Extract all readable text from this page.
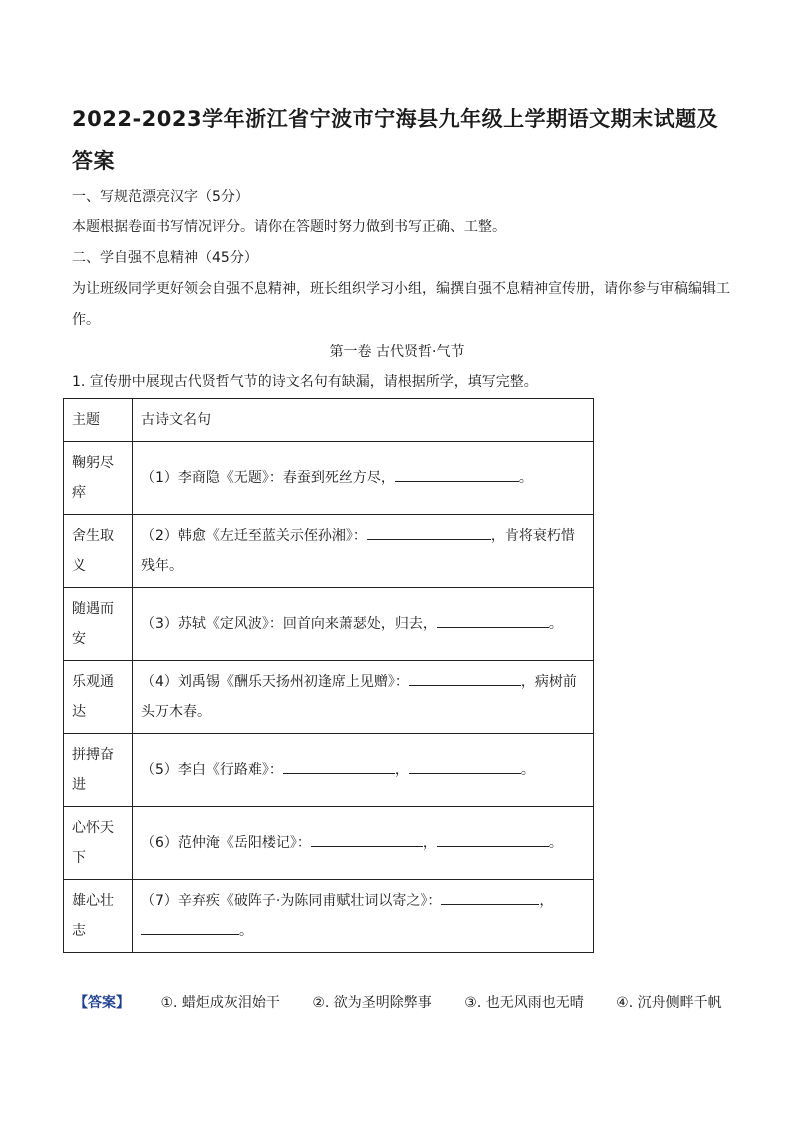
2022-2023学年浙江省宁波市宁海县九年级上学期语文期末试题及答案

一、写规范漂亮汉字（5分）

本题根据卷面书写情况评分。请你在答题时努力做到书写正确、工整。

二、学自强不息精神（45分）

为让班级同学更好领会自强不息精神，班长组织学习小组，编撰自强不息精神宣传册，请你参与审稿编辑工作。

第一卷 古代贤哲·气节

1. 宣传册中展现古代贤哲气节的诗文名句有缺漏，请根据所学，填写完整。

主题	古诗文名句
鞠躬尽瘁	（1）李商隐《无题》：春蚕到死丝方尽， 。
舍生取义	（2）韩愈《左迁至蓝关示侄孙湘》： ，肯将衰朽惜残年。
随遇而安	（3）苏轼《定风波》：回首向来萧瑟处，归去， 。
乐观通达	（4）刘禹锡《酬乐天扬州初逢席上见赠》： ，病树前头万木春。
拼搏奋进	（5）李白《行路难》： ， 。
心怀天下	（6）范仲淹《岳阳楼记》： ， 。
雄心壮志	（7）辛弃疾《破阵子·为陈同甫赋壮词以寄之》： ，。

【答案】 ①. 蜡炬成灰泪始干 ②. 欲为圣明除弊事 ③. 也无风雨也无晴 ④. 沉舟侧畔千帆
